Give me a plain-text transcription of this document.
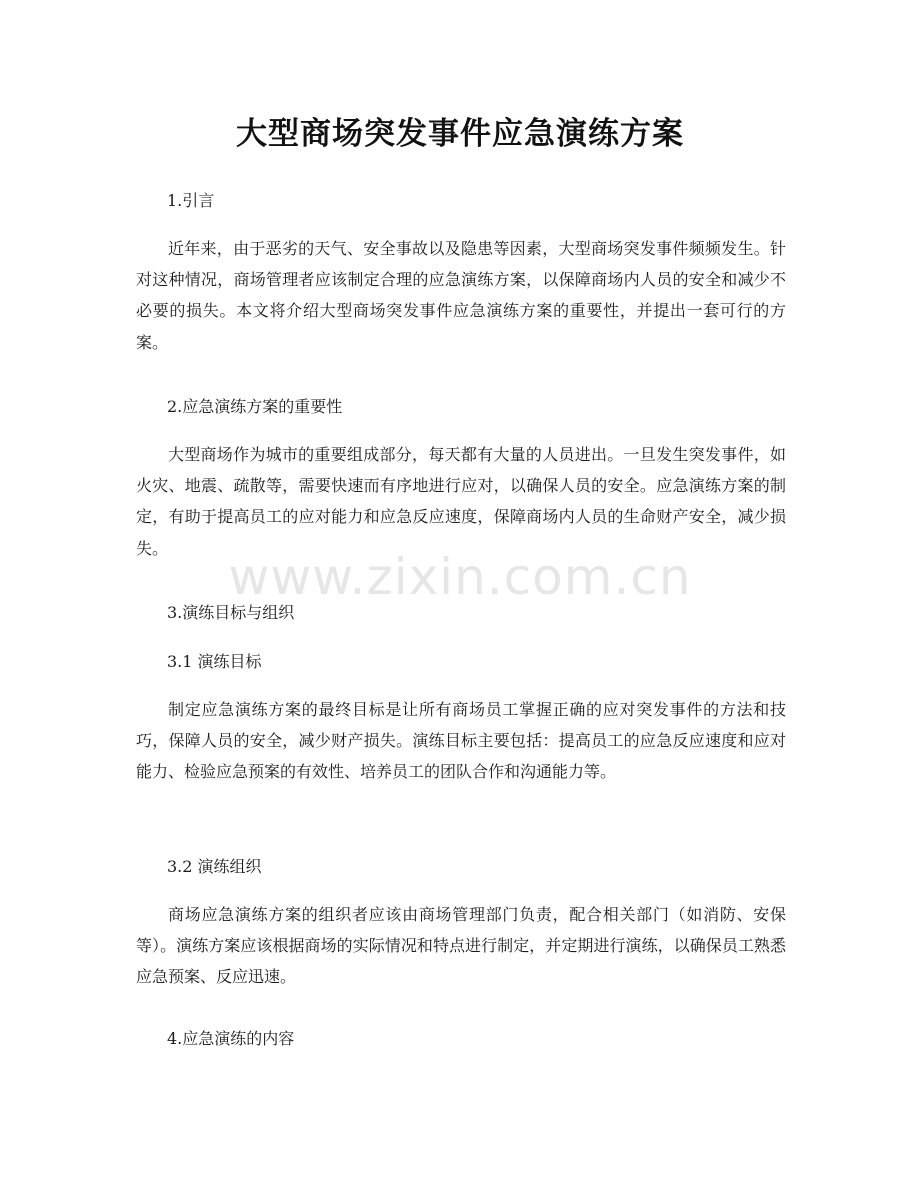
大型商场突发事件应急演练方案

1.引言

近年来，由于恶劣的天气、安全事故以及隐患等因素，大型商场突发事件频频发生。针对这种情况，商场管理者应该制定合理的应急演练方案，以保障商场内人员的安全和减少不必要的损失。本文将介绍大型商场突发事件应急演练方案的重要性，并提出一套可行的方案。

2.应急演练方案的重要性

大型商场作为城市的重要组成部分，每天都有大量的人员进出。一旦发生突发事件，如火灾、地震、疏散等，需要快速而有序地进行应对，以确保人员的安全。应急演练方案的制定，有助于提高员工的应对能力和应急反应速度，保障商场内人员的生命财产安全，减少损失。

3.演练目标与组织

3.1 演练目标

制定应急演练方案的最终目标是让所有商场员工掌握正确的应对突发事件的方法和技巧，保障人员的安全，减少财产损失。演练目标主要包括：提高员工的应急反应速度和应对能力、检验应急预案的有效性、培养员工的团队合作和沟通能力等。

3.2 演练组织

商场应急演练方案的组织者应该由商场管理部门负责，配合相关部门（如消防、安保等）。演练方案应该根据商场的实际情况和特点进行制定，并定期进行演练，以确保员工熟悉应急预案、反应迅速。

4.应急演练的内容

www.zixin.com.cn
